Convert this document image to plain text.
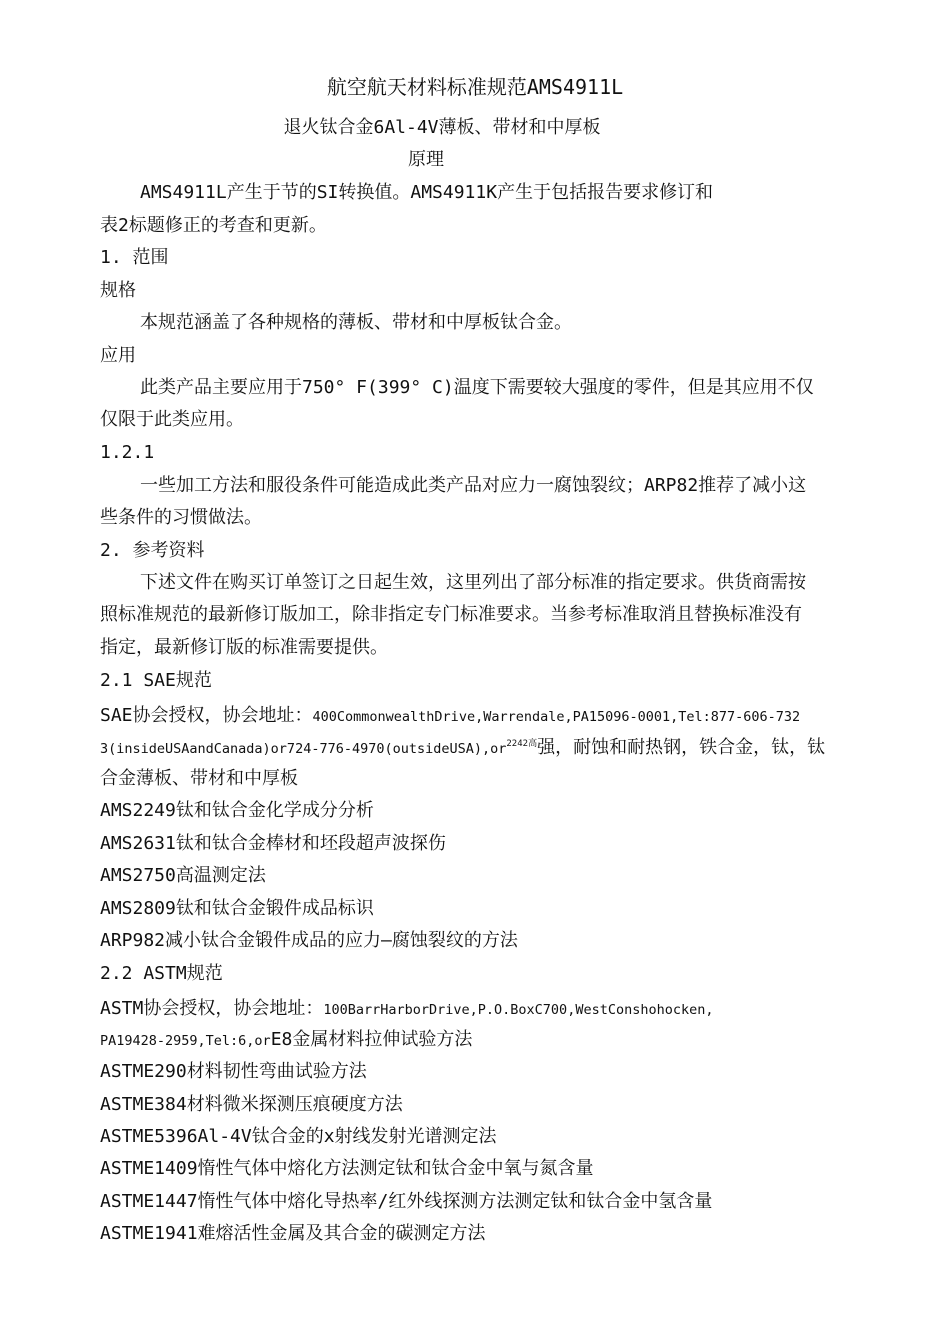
航空航天材料标准规范AMS4911L
退火钛合金6Al-4V薄板、带材和中厚板
原理
AMS4911L产生于节的SI转换值。AMS4911K产生于包括报告要求修订和
表2标题修正的考查和更新。
1. 范围
规格
本规范涵盖了各种规格的薄板、带材和中厚板钛合金。
应用
此类产品主要应用于750° F(399° C)温度下需要较大强度的零件，但是其应用不仅
仅限于此类应用。
1.2.1
一些加工方法和服役条件可能造成此类产品对应力一腐蚀裂纹；ARP82推荐了减小这
些条件的习惯做法。
2. 参考资料
下述文件在购买订单签订之日起生效，这里列出了部分标准的指定要求。供货商需按
照标准规范的最新修订版加工，除非指定专门标准要求。当参考标准取消且替换标准没有
指定，最新修订版的标准需要提供。
2.1 SAE规范
SAE协会授权，协会地址：400CommonwealthDrive,Warrendale,PA15096-0001,Tel:877-606-732
$3(insideUSAandCanada)or724-776-4970(outsideUSA),or^{2242高}$强，耐蚀和耐热钢，铁合金，钛，钛
合金薄板、带材和中厚板
AMS2249钛和钛合金化学成分分析
AMS2631钛和钛合金棒材和坯段超声波探伤
AMS2750高温测定法
AMS2809钛和钛合金锻件成品标识
ARP982减小钛合金锻件成品的应力—腐蚀裂纹的方法
2.2 ASTM规范
ASTM协会授权，协会地址：100BarrHarborDrive,P.O.BoxC700,WestConshohocken,
PA19428-2959,Tel:6,orE8金属材料拉伸试验方法
ASTME290材料韧性弯曲试验方法
ASTME384材料微米探测压痕硬度方法
ASTME5396Al-4V钛合金的x射线发射光谱测定法
ASTME1409惰性气体中熔化方法测定钛和钛合金中氧与氮含量
ASTME1447惰性气体中熔化导热率/红外线探测方法测定钛和钛合金中氢含量
ASTME1941难熔活性金属及其合金的碳测定方法
